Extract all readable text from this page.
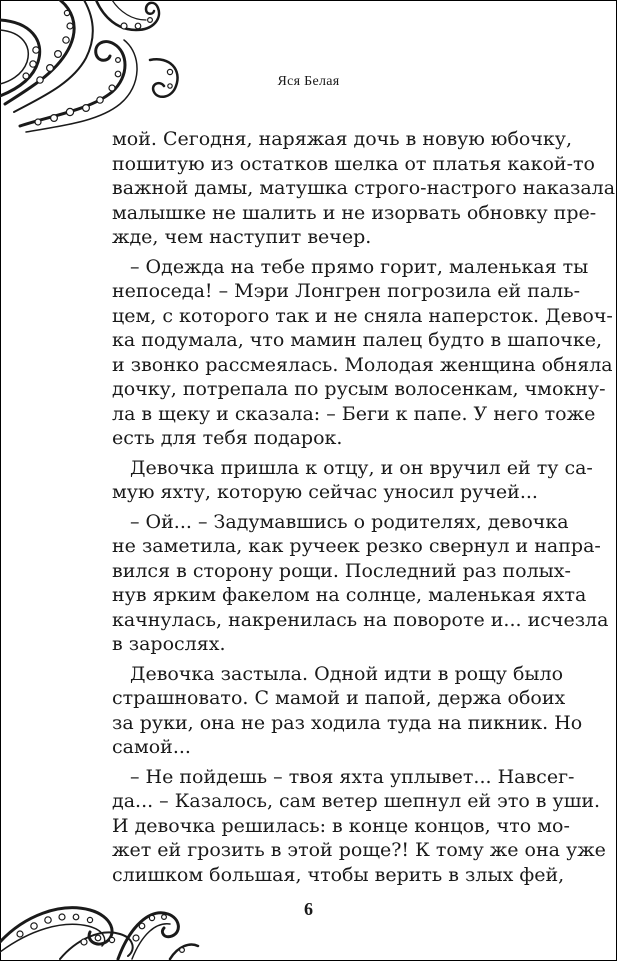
Яся Белая
мой. Сегодня, наряжая дочь в новую юбочку,
пошитую из остатков шелка от платья какой-то
важной дамы, матушка строго-настрого наказала
малышке не шалить и не изорвать обновку пре-
жде, чем наступит вечер.
– Одежда на тебе прямо горит, маленькая ты
непоседа! – Мэри Лонгрен погрозила ей паль-
цем, с которого так и не сняла наперсток. Девоч-
ка подумала, что мамин палец будто в шапочке,
и звонко рассмеялась. Молодая женщина обняла
дочку, потрепала по русым волосенкам, чмокну-
ла в щеку и сказала: – Беги к папе. У него тоже
есть для тебя подарок.
Девочка пришла к отцу, и он вручил ей ту са-
мую яхту, которую сейчас уносил ручей...
– Ой... – Задумавшись о родителях, девочка
не заметила, как ручеек резко свернул и напра-
вился в сторону рощи. Последний раз полых-
нув ярким факелом на солнце, маленькая яхта
качнулась, накренилась на повороте и... исчезла
в зарослях.
Девочка застыла. Одной идти в рощу было
страшновато. С мамой и папой, держа обоих
за руки, она не раз ходила туда на пикник. Но
самой...
– Не пойдешь – твоя яхта уплывет... Навсег-
да... – Казалось, сам ветер шепнул ей это в уши.
И девочка решилась: в конце концов, что мо-
жет ей грозить в этой роще?! К тому же она уже
слишком большая, чтобы верить в злых фей,
6
